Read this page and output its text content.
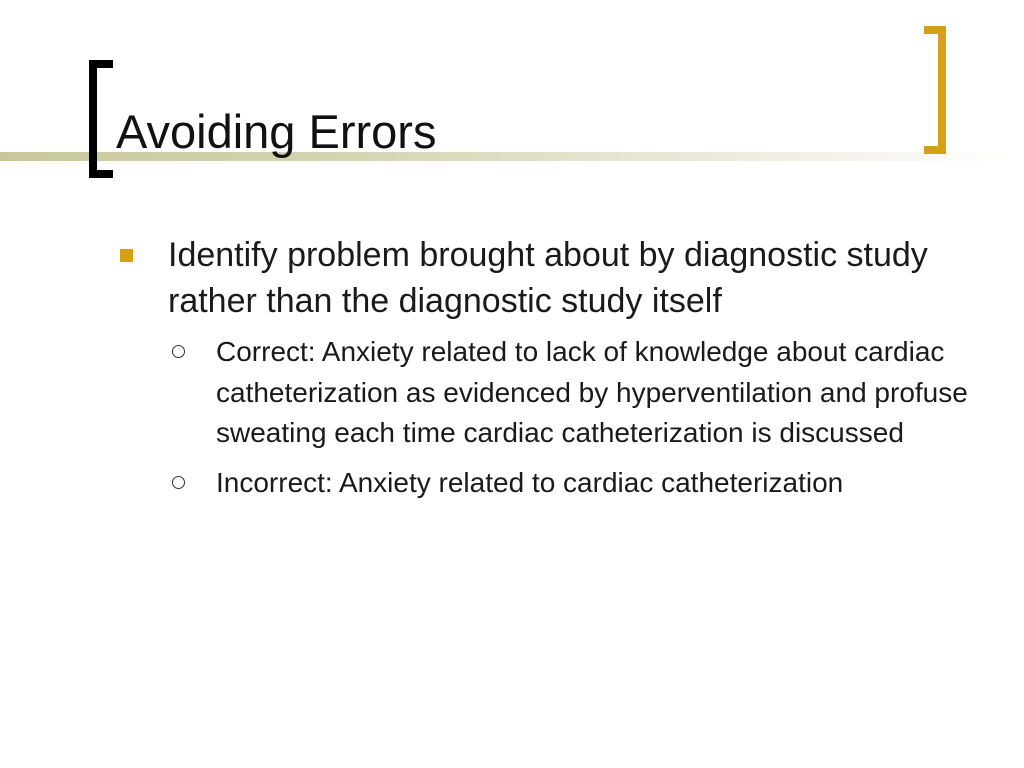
Avoiding Errors
Identify problem brought about by diagnostic study rather than the diagnostic study itself
Correct: Anxiety related to lack of knowledge about cardiac catheterization as evidenced by hyperventilation and profuse sweating each time cardiac catheterization is discussed
Incorrect: Anxiety related to cardiac catheterization
